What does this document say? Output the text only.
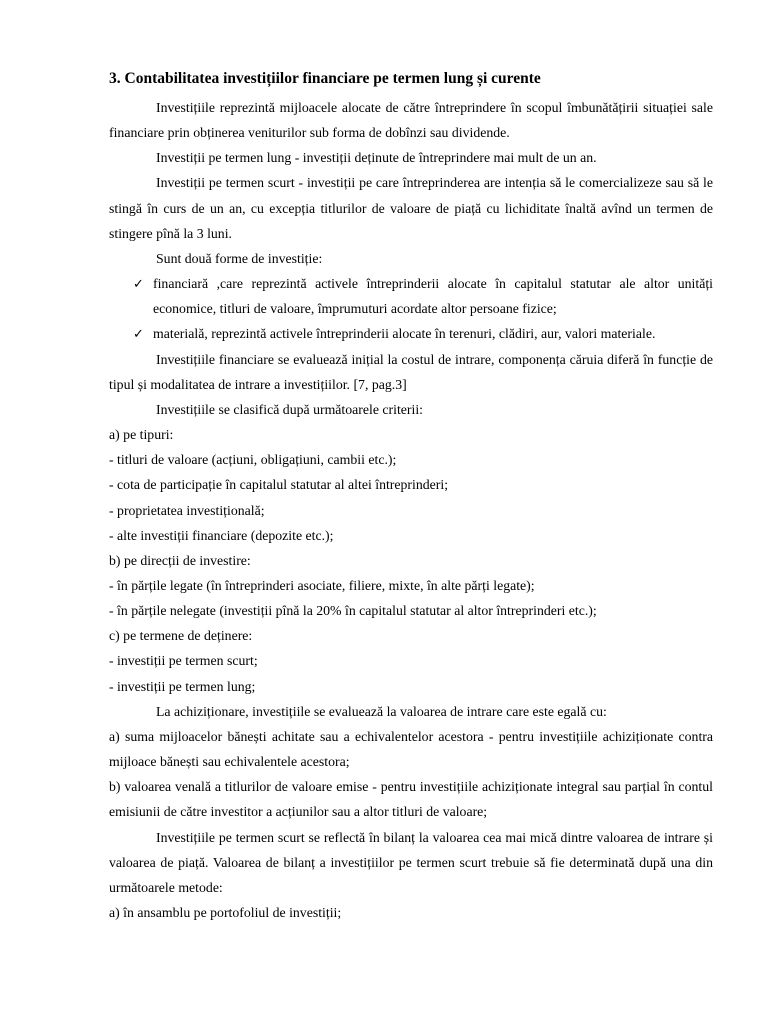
3. Contabilitatea investițiilor financiare pe termen lung și curente

Investițiile reprezintă mijloacele alocate de către întreprindere în scopul îmbunătățirii situației sale financiare prin obținerea veniturilor sub forma de dobînzi sau dividende.

Investiții pe termen lung - investiții deținute de întreprindere mai mult de un an.

Investiții pe termen scurt - investiții pe care întreprinderea are intenția să le comercializeze sau să le stingă în curs de un an, cu excepția titlurilor de valoare de piață cu lichiditate înaltă avînd un termen de stingere pînă la 3 luni.

Sunt două forme de investiție:

✓ financiară ,care reprezintă activele întreprinderii alocate în capitalul statutar ale altor unități economice, titluri de valoare, împrumuturi acordate altor persoane fizice;
✓ materială, reprezintă activele întreprinderii alocate în terenuri, clădiri, aur, valori materiale.

Investițiile financiare se evaluează inițial la costul de intrare, componența căruia diferă în funcție de tipul și modalitatea de intrare a investițiilor. [7, pag.3]

Investițiile se clasifică după următoarele criterii:

a) pe tipuri:

- titluri de valoare (acțiuni, obligațiuni, cambii etc.);

- cota de participație în capitalul statutar al altei întreprinderi;

- proprietatea investițională;

- alte investiții financiare (depozite etc.);

b) pe direcții de investire:

- în părțile legate (în întreprinderi asociate, filiere, mixte, în alte părți legate);

- în părțile nelegate (investiții pînă la 20% în capitalul statutar al altor întreprinderi etc.);

c) pe termene de deținere:

- investiții pe termen scurt;

- investiții pe termen lung;

La achiziționare, investițiile se evaluează la valoarea de intrare care este egală cu:

a) suma mijloacelor bănești achitate sau a echivalentelor acestora - pentru investițiile achiziționate contra mijloace bănești sau echivalentele acestora;

b) valoarea venală a titlurilor de valoare emise - pentru investițiile achiziționate integral sau parțial în contul emisiunii de către investitor a acțiunilor sau a altor titluri de valoare;

Investițiile pe termen scurt se reflectă în bilanț la valoarea cea mai mică dintre valoarea de intrare și valoarea de piață. Valoarea de bilanț a investițiilor pe termen scurt trebuie să fie determinată după una din următoarele metode:

a) în ansamblu pe portofoliul de investiții;
